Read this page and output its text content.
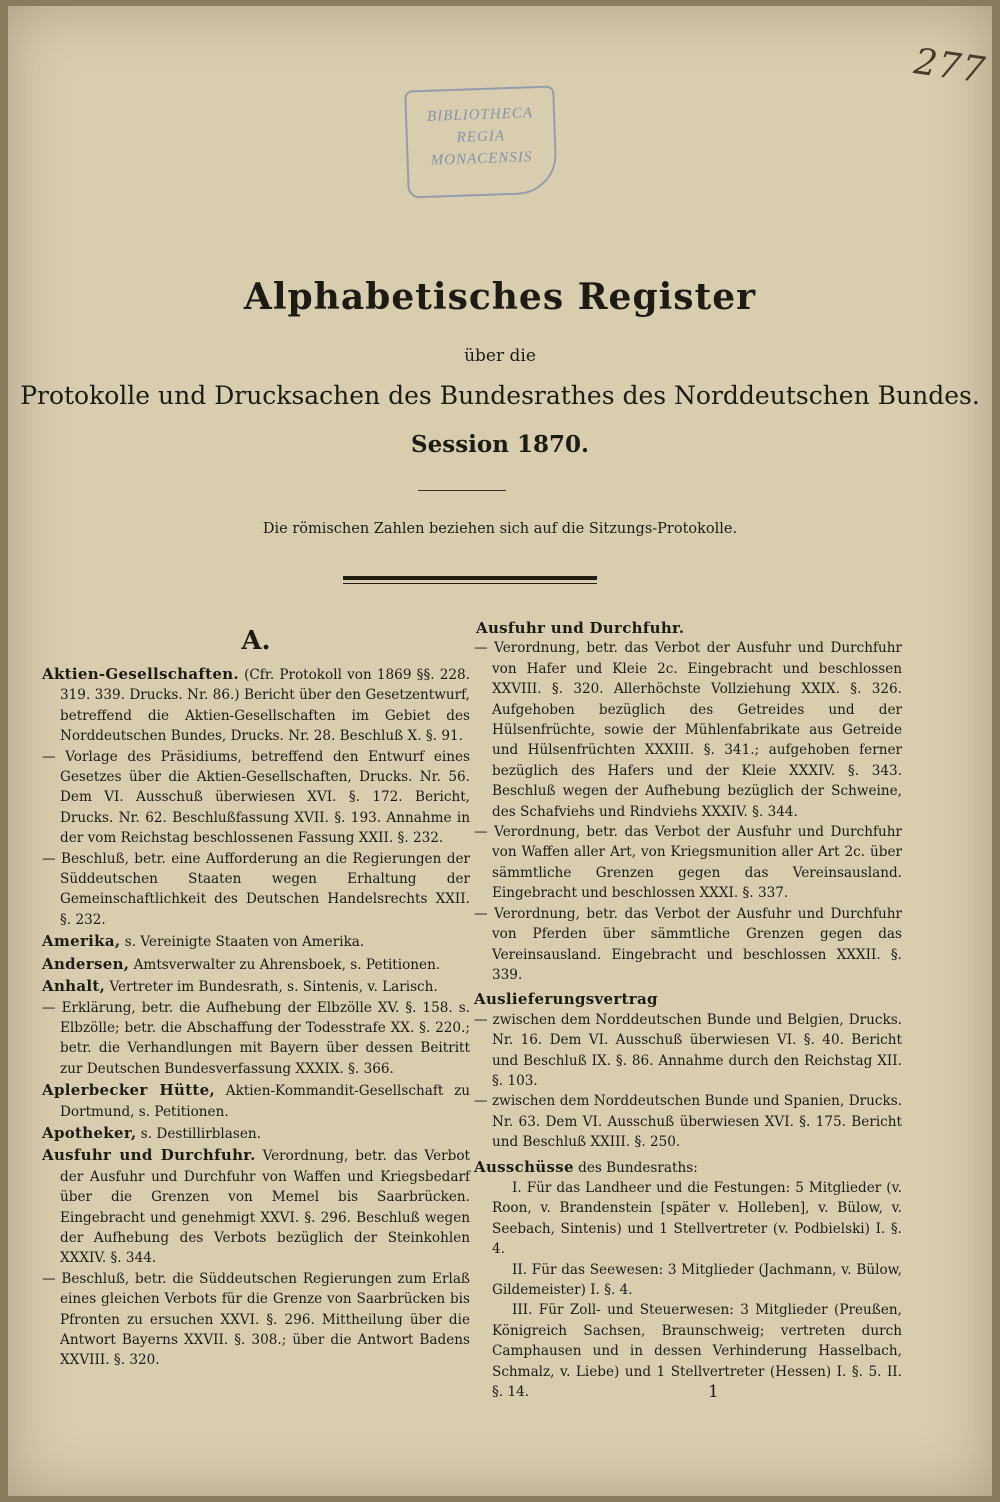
277
BIBLIOTHECA
REGIA
MONACENSIS
Alphabetisches Register
über die
Protokolle und Drucksachen des Bundesrathes des Norddeutschen Bundes.
Session 1870.
Die römischen Zahlen beziehen sich auf die Sitzungs-Protokolle.
A.

Aktien-Gesellschaften. (Cfr. Protokoll von 1869 §§. 228. 319. 339. Drucks. Nr. 86.) Bericht über den Gesetzentwurf, betreffend die Aktien-Gesellschaften im Gebiet des Norddeutschen Bundes, Drucks. Nr. 28. Beschluß X. §. 91.

— Vorlage des Präsidiums, betreffend den Entwurf eines Gesetzes über die Aktien-Gesellschaften, Drucks. Nr. 56. Dem VI. Ausschuß überwiesen XVI. §. 172. Bericht, Drucks. Nr. 62. Beschlußfassung XVII. §. 193. Annahme in der vom Reichstag beschlossenen Fassung XXII. §. 232.

— Beschluß, betr. eine Aufforderung an die Regierungen der Süddeutschen Staaten wegen Erhaltung der Gemeinschaftlichkeit des Deutschen Handelsrechts XXII. §. 232.

Amerika, s. Vereinigte Staaten von Amerika.

Andersen, Amtsverwalter zu Ahrensboek, s. Petitionen.

Anhalt, Vertreter im Bundesrath, s. Sintenis, v. Larisch.

— Erklärung, betr. die Aufhebung der Elbzölle XV. §. 158. s. Elbzölle; betr. die Abschaffung der Todesstrafe XX. §. 220.; betr. die Verhandlungen mit Bayern über dessen Beitritt zur Deutschen Bundesverfassung XXXIX. §. 366.

Aplerbecker Hütte, Aktien-Kommandit-Gesellschaft zu Dortmund, s. Petitionen.

Apotheker, s. Destillirblasen.

Ausfuhr und Durchfuhr. Verordnung, betr. das Verbot der Ausfuhr und Durchfuhr von Waffen und Kriegsbedarf über die Grenzen von Memel bis Saarbrücken. Eingebracht und genehmigt XXVI. §. 296. Beschluß wegen der Aufhebung des Verbots bezüglich der Steinkohlen XXXIV. §. 344.

— Beschluß, betr. die Süddeutschen Regierungen zum Erlaß eines gleichen Verbots für die Grenze von Saarbrücken bis Pfronten zu ersuchen XXVI. §. 296. Mittheilung über die Antwort Bayerns XXVII. §. 308.; über die Antwort Badens XXVIII. §. 320.

Ausfuhr und Durchfuhr.

— Verordnung, betr. das Verbot der Ausfuhr und Durchfuhr von Hafer und Kleie 2c. Eingebracht und beschlossen XXVIII. §. 320. Allerhöchste Vollziehung XXIX. §. 326. Aufgehoben bezüglich des Getreides und der Hülsenfrüchte, sowie der Mühlenfabrikate aus Getreide und Hülsenfrüchten XXXIII. §. 341.; aufgehoben ferner bezüglich des Hafers und der Kleie XXXIV. §. 343. Beschluß wegen der Aufhebung bezüglich der Schweine, des Schafviehs und Rindviehs XXXIV. §. 344.

— Verordnung, betr. das Verbot der Ausfuhr und Durchfuhr von Waffen aller Art, von Kriegsmunition aller Art 2c. über sämmtliche Grenzen gegen das Vereinsausland. Eingebracht und beschlossen XXXI. §. 337.

— Verordnung, betr. das Verbot der Ausfuhr und Durchfuhr von Pferden über sämmtliche Grenzen gegen das Vereinsausland. Eingebracht und beschlossen XXXII. §. 339.

Auslieferungsvertrag

— zwischen dem Norddeutschen Bunde und Belgien, Drucks. Nr. 16. Dem VI. Ausschuß überwiesen VI. §. 40. Bericht und Beschluß IX. §. 86. Annahme durch den Reichstag XII. §. 103.

— zwischen dem Norddeutschen Bunde und Spanien, Drucks. Nr. 63. Dem VI. Ausschuß überwiesen XVI. §. 175. Bericht und Beschluß XXIII. §. 250.

Ausschüsse des Bundesraths:

I. Für das Landheer und die Festungen: 5 Mitglieder (v. Roon, v. Brandenstein [später v. Holleben], v. Bülow, v. Seebach, Sintenis) und 1 Stellvertreter (v. Podbielski) I. §. 4.

II. Für das Seewesen: 3 Mitglieder (Jachmann, v. Bülow, Gildemeister) I. §. 4.

III. Für Zoll- und Steuerwesen: 3 Mitglieder (Preußen, Königreich Sachsen, Braunschweig; vertreten durch Camphausen und in dessen Verhinderung Hasselbach, Schmalz, v. Liebe) und 1 Stellvertreter (Hessen) I. §. 5. II. §. 14.	1
